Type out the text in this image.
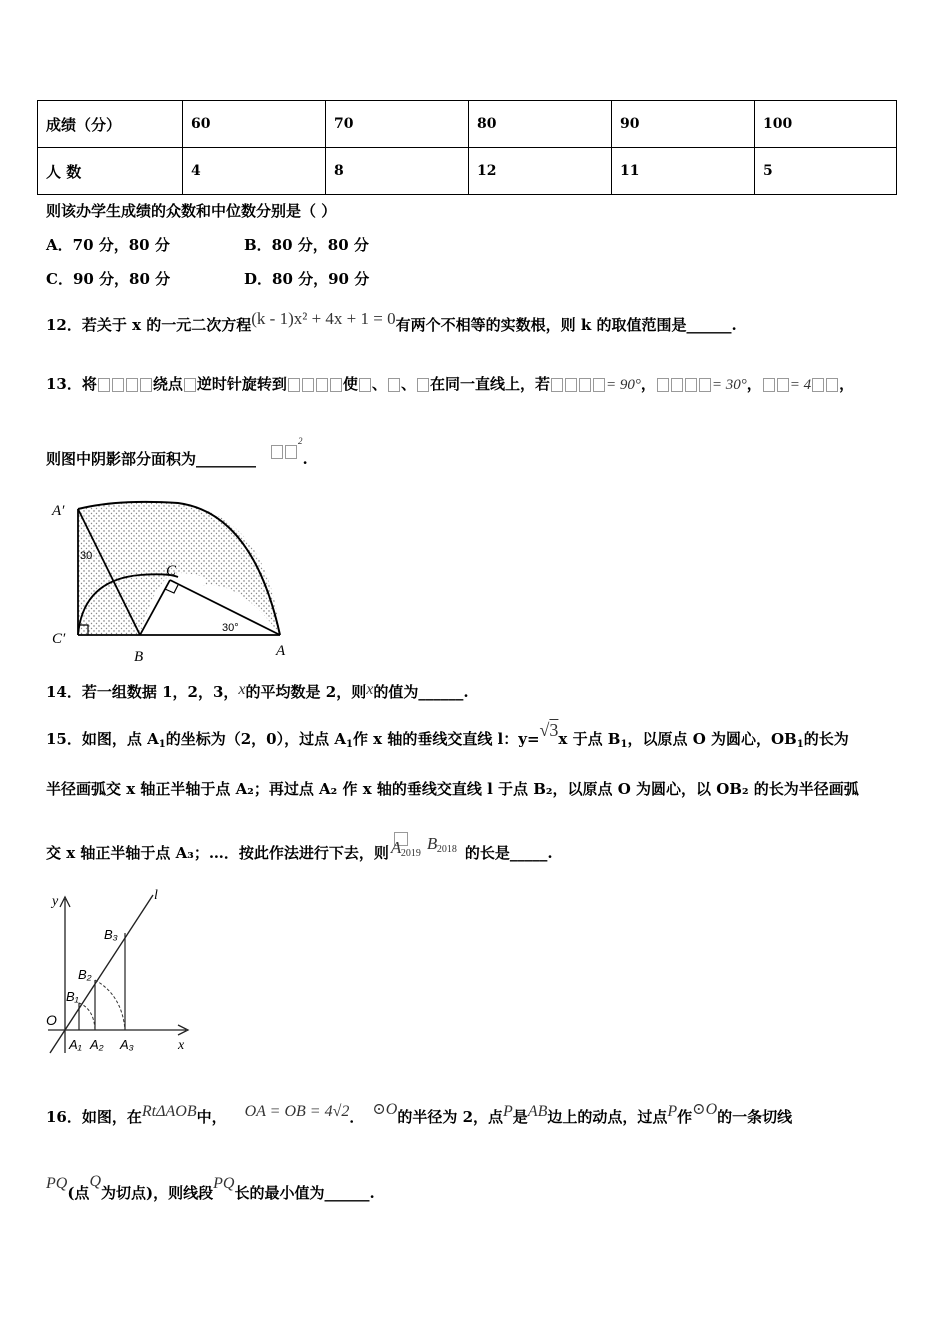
成绩（分）	60	70	80	90	100
人 数	4	8	12	11	5
则该办学生成绩的众数和中位数分别是（ ）
A．70 分，80 分	B．80 分，80 分
C．90 分，80 分	D．80 分，90 分
12．若关于 x 的一元二次方程(k - 1)x² + 4x + 1 = 0有两个不相等的实数根，则 k 的取值范围是______.
13．将	绕点 逆时针旋转到	使 、 、 在同一直线上，若	= 90°，	= 30°， = 4 ，
则图中阴影部分面积为________$^2$.
A′
C
C′
B	A
30
30°
14．若一组数据 1，2，3，x的平均数是 2，则x的值为______.
15．如图，点 $A_1$的坐标为（2，0），过点 $A_1$作 x 轴的垂线交直线 l：y=√3x 于点 $B_1$，以原点 O 为圆心，$OB_1$的长为
半径画弧交 x 轴正半轴于点 A₂；再过点 A₂ 作 x 轴的垂线交直线 l 于点 B₂，以原点 O 为圆心，以 OB₂ 的长为半径画弧
交 x 轴正半轴于点 A₃；…．按此作法进行下去，则 A 2019
B 2018 的长是_____.
y
x
O
l
B₁
B₂
B₃
A₁ A₂ A₃
16．如图，在RtΔAOB中， OA = OB = 4√2． ⊙O的半径为 2，点P是AB边上的动点，过点P作⊙O的一条切线
PQ(点Q为切点)，则线段PQ长的最小值为______.
